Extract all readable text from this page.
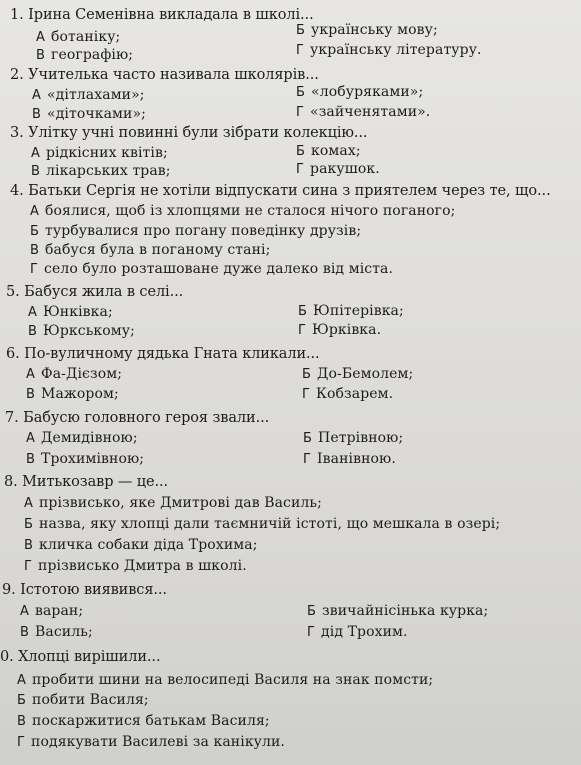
1. Ірина Семенівна викладала в школі...
А ботаніку;	Б українську мову;
В географію;	Г українську літературу.
2. Учителька часто називала школярів...
А «дітлахами»;	Б «лобуряками»;
В «діточками»;	Г «зайченятами».
3. Улітку учні повинні були зібрати колекцію...
А рідкісних квітів;	Б комах;
В лікарських трав;	Г ракушок.
4. Батьки Сергія не хотіли відпускати сина з приятелем через те, що...
А боялися, щоб із хлопцями не сталося нічого поганого;
Б турбувалися про погану поведінку друзів;
В бабуся була в поганому стані;
Г село було розташоване дуже далеко від міста.
5. Бабуся жила в селі...
А Юнківка;	Б Юпітерівка;
В Юркському;	Г Юрківка.
6. По-вуличному дядька Гната кликали...
А Фа-Дієзом;	Б До-Бемолем;
В Мажором;	Г Кобзарем.
7. Бабусю головного героя звали...
А Демидівною;	Б Петрівною;
В Трохимівною;	Г Іванівною.
8. Митькозавр — це...
А прізвисько, яке Дмитрові дав Василь;
Б назва, яку хлопці дали таємничій істоті, що мешкала в озері;
В кличка собаки діда Трохима;
Г прізвисько Дмитра в школі.
9. Істотою виявився...
А варан;	Б звичайнісінька курка;
В Василь;	Г дід Трохим.
0. Хлопці вирішили...
А пробити шини на велосипеді Василя на знак помсти;
Б побити Василя;
В поскаржитися батькам Василя;
Г подякувати Василеві за канікули.
